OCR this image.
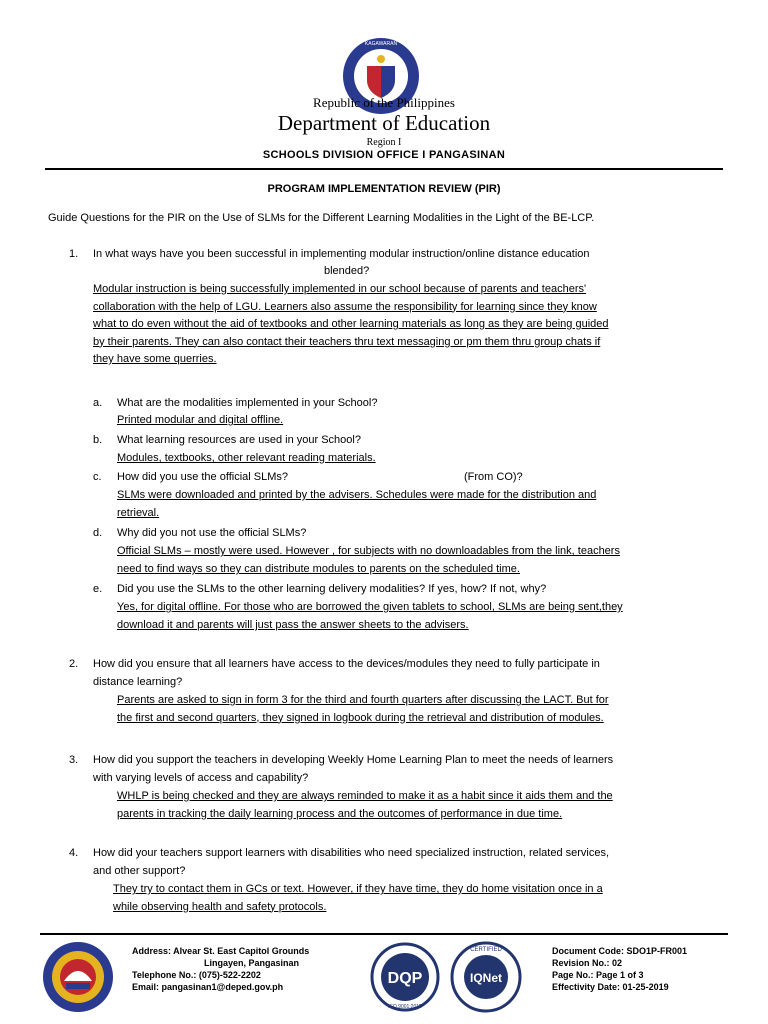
KAGAWARAN
Republic of the Philippines
Department of Education
Region I
SCHOOLS DIVISION OFFICE I PANGASINAN
PROGRAM IMPLEMENTATION REVIEW (PIR)
Guide Questions for the PIR on the Use of SLMs for the Different Learning Modalities in the Light of the BE-LCP.
1.	In what ways have you been successful in implementing modular instruction/online distance education
blended?
Modular instruction is being successfully implemented in our school because of parents and teachers'
collaboration with the help of LGU. Learners also assume the responsibility for learning since they know
what to do even without the aid of textbooks and other learning materials as long as they are being guided
by their parents. They can also contact their teachers thru text messaging or pm them thru group chats if
they have some querries.
a. What are the modalities implemented in your School?
Printed modular and digital offline.
b. What learning resources are used in your School?
Modules, textbooks, other relevant reading materials.
c. How did you use the official SLMs?	(From CO)?
SLMs were downloaded and printed by the advisers. Schedules were made for the distribution and
retrieval.
d. Why did you not use the official SLMs?
Official SLMs – mostly were used. However , for subjects with no downloadables from the link, teachers
need to find ways so they can distribute modules to parents on the scheduled time.
e. Did you use the SLMs to the other learning delivery modalities? If yes, how? If not, why?
Yes, for digital offline. For those who are borrowed the given tablets to school, SLMs are being sent,they
download it and parents will just pass the answer sheets to the advisers.
2.	How did you ensure that all learners have access to the devices/modules they need to fully participate in
distance learning?
Parents are asked to sign in form 3 for the third and fourth quarters after discussing the LACT. But for
the first and second quarters, they signed in logbook during the retrieval and distribution of modules.
3.	How did you support the teachers in developing Weekly Home Learning Plan to meet the needs of learners
with varying levels of access and capability?
WHLP is being checked and they are always reminded to make it as a habit since it aids them and the
parents in tracking the daily learning process and the outcomes of performance in due time.
4.	How did your teachers support learners with disabilities who need specialized instruction, related services,
and other support?
They try to contact them in GCs or text. However, if they have time, they do home visitation once in a
while observing health and safety protocols.
Address: Alvear St. East Capitol Grounds
Lingayen, Pangasinan
Telephone No.: (075)-522-2202
Email: pangasinan1@deped.gov.ph	DQP
ISO 9001:2015
IQNet
CERTIFIED	Document Code: SDO1P-FR001
Revision No.: 02
Page No.: Page 1 of 3
Effectivity Date: 01-25-2019
